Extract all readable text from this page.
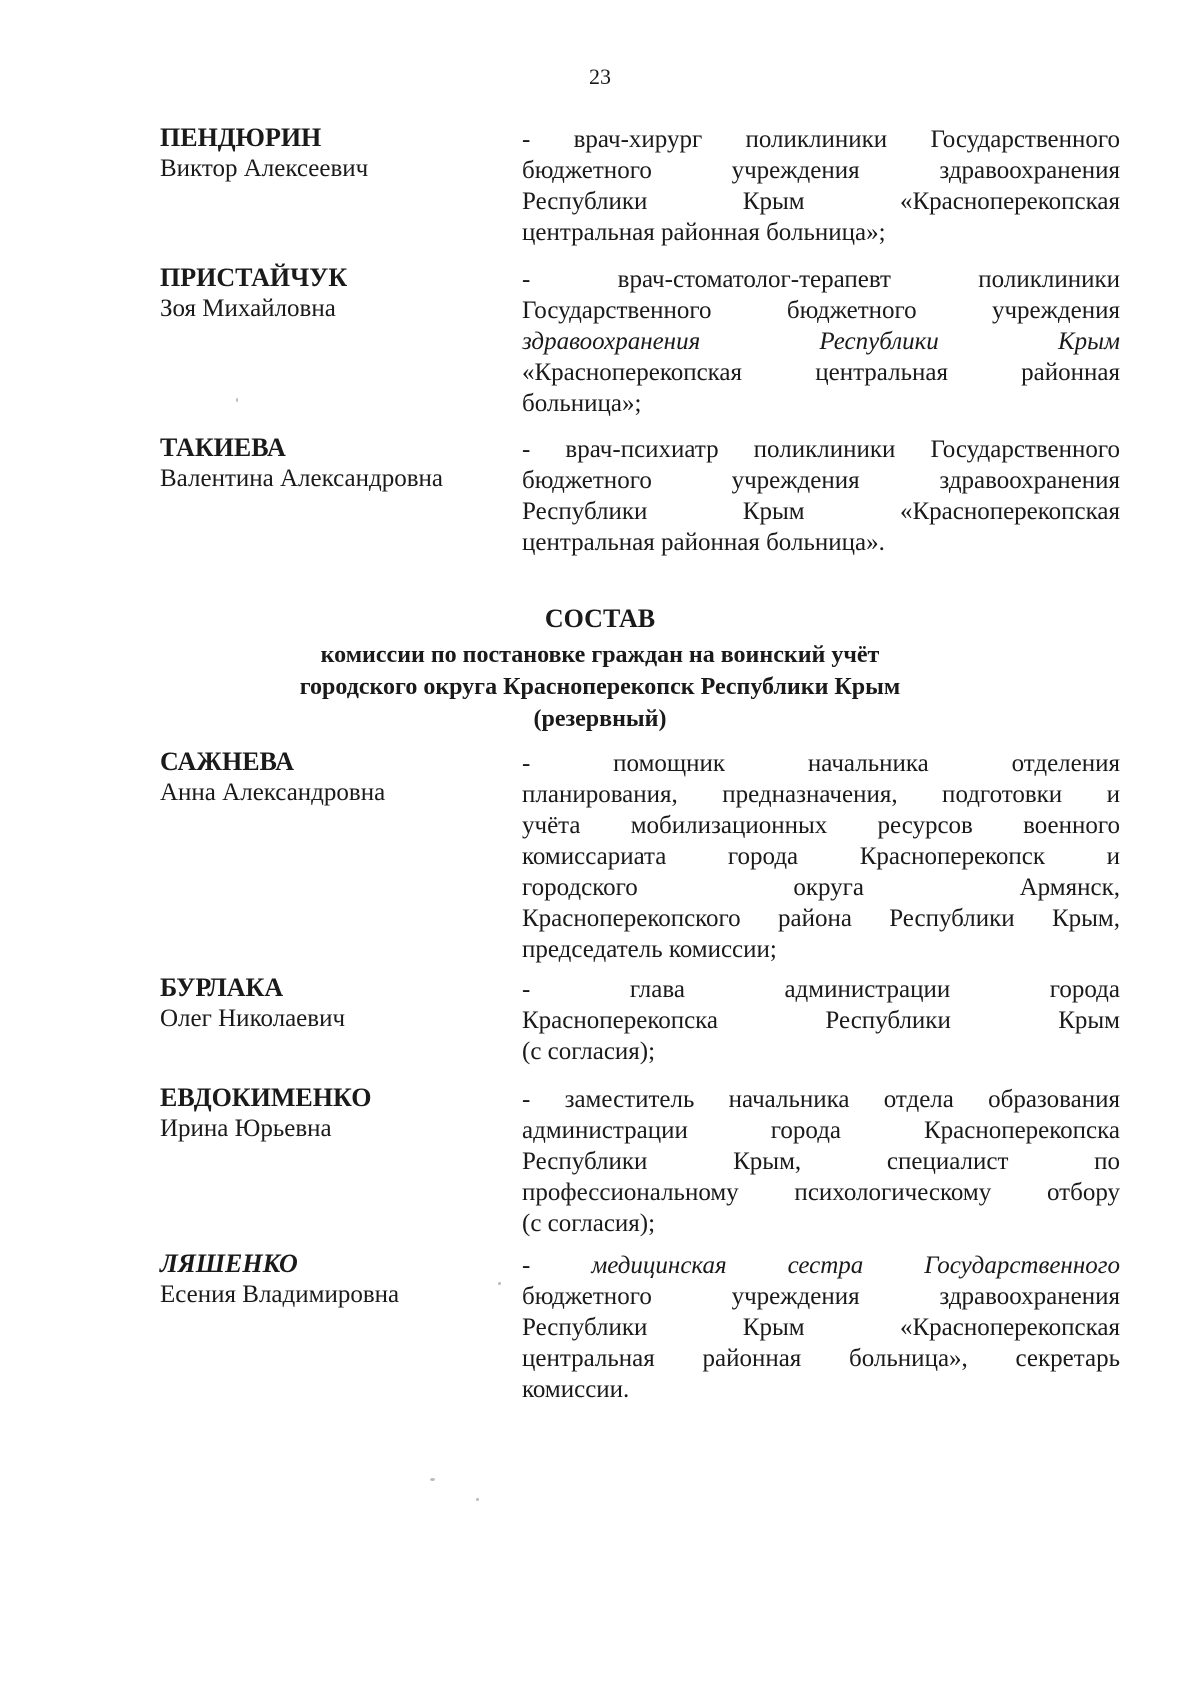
23
ПЕНДЮРИН
Виктор Алексеевич
- врач-хирург поликлиники Государственного
бюджетного учреждения здравоохранения
Республики Крым «Красноперекопская
центральная районная больница»;
ПРИСТАЙЧУК
Зоя Михайловна
- врач-стоматолог-терапевт поликлиники
Государственного бюджетного учреждения
здравоохранения Республики Крым
«Красноперекопская центральная районная
больница»;
ТАКИЕВА
Валентина Александровна
- врач-психиатр поликлиники Государственного
бюджетного учреждения здравоохранения
Республики Крым «Красноперекопская
центральная районная больница».
СОСТАВ
комиссии по постановке граждан на воинский учёт
городского округа Красноперекопск Республики Крым
(резервный)
САЖНЕВА
Анна Александровна
- помощник начальника отделения
планирования, предназначения, подготовки и
учёта мобилизационных ресурсов военного
комиссариата города Красноперекопск и
городского округа Армянск,
Красноперекопского района Республики Крым,
председатель комиссии;
БУРЛАКА
Олег Николаевич
- глава администрации города
Красноперекопска Республики Крым
(с согласия);
ЕВДОКИМЕНКО
Ирина Юрьевна
- заместитель начальника отдела образования
администрации города Красноперекопска
Республики Крым, специалист по
профессиональному психологическому отбору
(с согласия);
ЛЯШЕНКО
Есения Владимировна
- медицинская сестра Государственного
бюджетного учреждения здравоохранения
Республики Крым «Красноперекопская
центральная районная больница», секретарь
комиссии.
